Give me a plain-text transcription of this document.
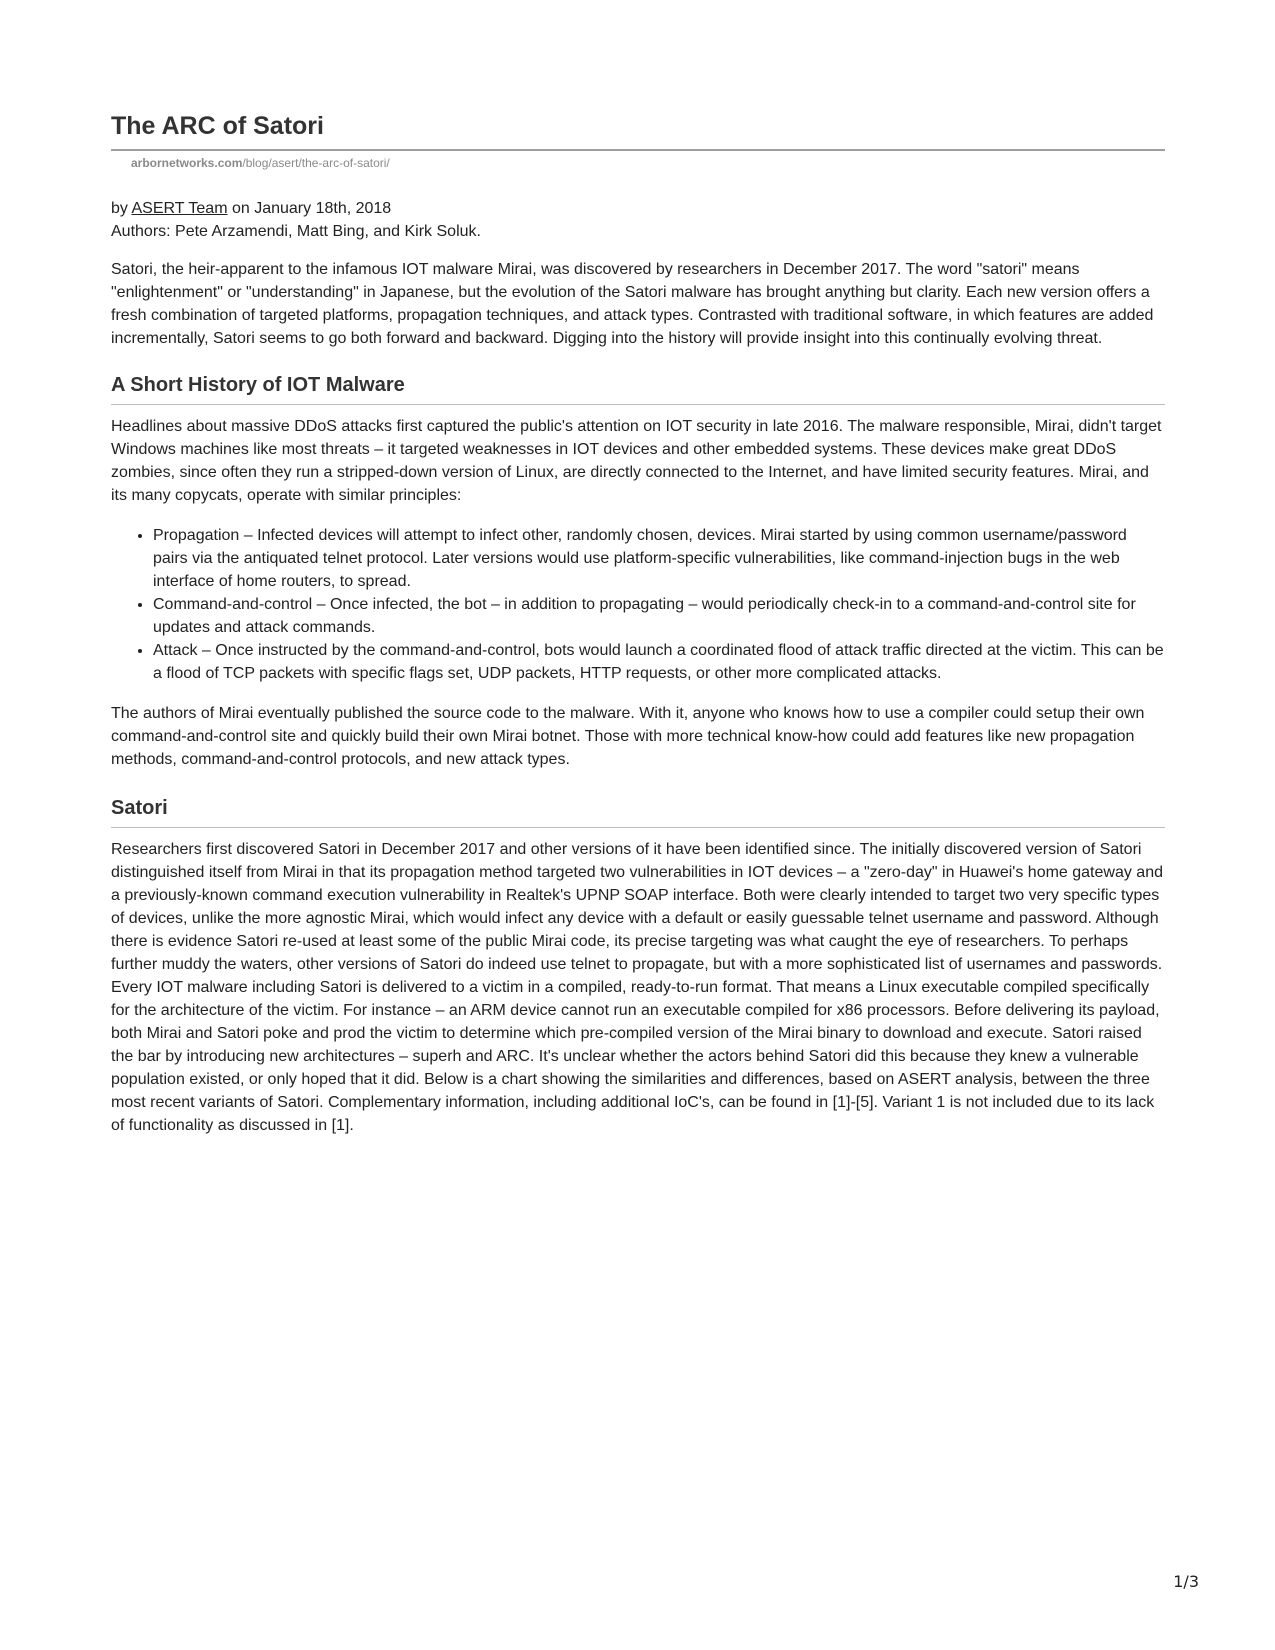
The ARC of Satori
arbornetworks.com/blog/asert/the-arc-of-satori/
by ASERT Team on January 18th, 2018
Authors: Pete Arzamendi, Matt Bing, and Kirk Soluk.

Satori, the heir-apparent to the infamous IOT malware Mirai, was discovered by researchers in December 2017. The word "satori" means "enlightenment" or "understanding" in Japanese, but the evolution of the Satori malware has brought anything but clarity. Each new version offers a fresh combination of targeted platforms, propagation techniques, and attack types. Contrasted with traditional software, in which features are added incrementally, Satori seems to go both forward and backward. Digging into the history will provide insight into this continually evolving threat.

A Short History of IOT Malware

Headlines about massive DDoS attacks first captured the public's attention on IOT security in late 2016. The malware responsible, Mirai, didn't target Windows machines like most threats – it targeted weaknesses in IOT devices and other embedded systems. These devices make great DDoS zombies, since often they run a stripped-down version of Linux, are directly connected to the Internet, and have limited security features. Mirai, and its many copycats, operate with similar principles:

• Propagation – Infected devices will attempt to infect other, randomly chosen, devices. Mirai started by using common username/password pairs via the antiquated telnet protocol. Later versions would use platform-specific vulnerabilities, like command-injection bugs in the web interface of home routers, to spread.
• Command-and-control – Once infected, the bot – in addition to propagating – would periodically check-in to a command-and-control site for updates and attack commands.
• Attack – Once instructed by the command-and-control, bots would launch a coordinated flood of attack traffic directed at the victim. This can be a flood of TCP packets with specific flags set, UDP packets, HTTP requests, or other more complicated attacks.

The authors of Mirai eventually published the source code to the malware. With it, anyone who knows how to use a compiler could setup their own command-and-control site and quickly build their own Mirai botnet. Those with more technical know-how could add features like new propagation methods, command-and-control protocols, and new attack types.

Satori

Researchers first discovered Satori in December 2017 and other versions of it have been identified since. The initially discovered version of Satori distinguished itself from Mirai in that its propagation method targeted two vulnerabilities in IOT devices – a "zero-day" in Huawei's home gateway and a previously-known command execution vulnerability in Realtek's UPNP SOAP interface. Both were clearly intended to target two very specific types of devices, unlike the more agnostic Mirai, which would infect any device with a default or easily guessable telnet username and password. Although there is evidence Satori re-used at least some of the public Mirai code, its precise targeting was what caught the eye of researchers. To perhaps further muddy the waters, other versions of Satori do indeed use telnet to propagate, but with a more sophisticated list of usernames and passwords. Every IOT malware including Satori is delivered to a victim in a compiled, ready-to-run format. That means a Linux executable compiled specifically for the architecture of the victim. For instance – an ARM device cannot run an executable compiled for x86 processors. Before delivering its payload, both Mirai and Satori poke and prod the victim to determine which pre-compiled version of the Mirai binary to download and execute. Satori raised the bar by introducing new architectures – superh and ARC. It's unclear whether the actors behind Satori did this because they knew a vulnerable population existed, or only hoped that it did. Below is a chart showing the similarities and differences, based on ASERT analysis, between the three most recent variants of Satori. Complementary information, including additional IoC's, can be found in [1]-[5]. Variant 1 is not included due to its lack of functionality as discussed in [1].

1/3
